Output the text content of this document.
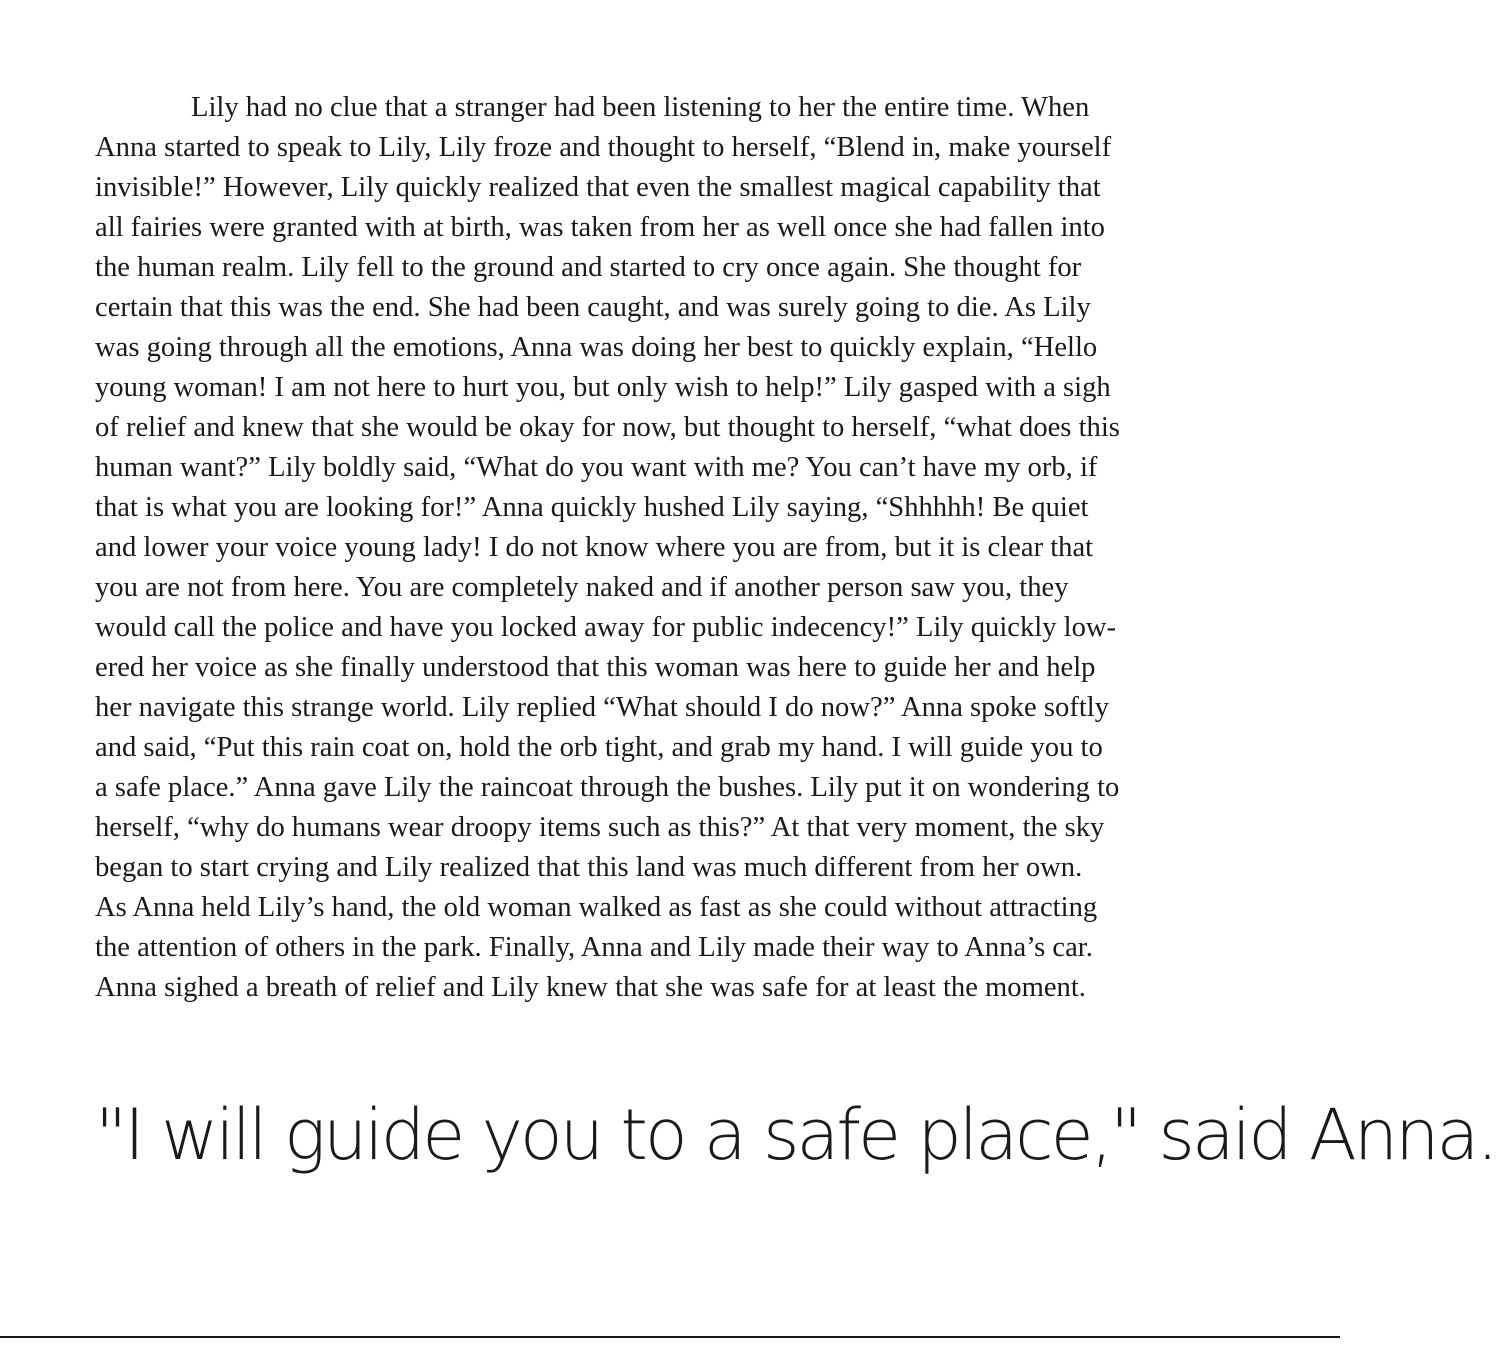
Lily had no clue that a stranger had been listening to her the entire time. When
Anna started to speak to Lily, Lily froze and thought to herself, “Blend in, make yourself
invisible!” However, Lily quickly realized that even the smallest magical capability that
all fairies were granted with at birth, was taken from her as well once she had fallen into
the human realm. Lily fell to the ground and started to cry once again. She thought for
certain that this was the end. She had been caught, and was surely going to die. As Lily
was going through all the emotions, Anna was doing her best to quickly explain, “Hello
young woman! I am not here to hurt you, but only wish to help!” Lily gasped with a sigh
of relief and knew that she would be okay for now, but thought to herself, “what does this
human want?” Lily boldly said, “What do you want with me? You can’t have my orb, if
that is what you are looking for!” Anna quickly hushed Lily saying, “Shhhhh! Be quiet
and lower your voice young lady! I do not know where you are from, but it is clear that
you are not from here. You are completely naked and if another person saw you, they
would call the police and have you locked away for public indecency!” Lily quickly low-
ered her voice as she finally understood that this woman was here to guide her and help
her navigate this strange world. Lily replied “What should I do now?” Anna spoke softly
and said, “Put this rain coat on, hold the orb tight, and grab my hand. I will guide you to
a safe place.” Anna gave Lily the raincoat through the bushes. Lily put it on wondering to
herself, “why do humans wear droopy items such as this?” At that very moment, the sky
began to start crying and Lily realized that this land was much different from her own.
As Anna held Lily’s hand, the old woman walked as fast as she could without attracting
the attention of others in the park. Finally, Anna and Lily made their way to Anna’s car.
Anna sighed a breath of relief and Lily knew that she was safe for at least the moment.

"I will guide you to a safe place," said Anna.
